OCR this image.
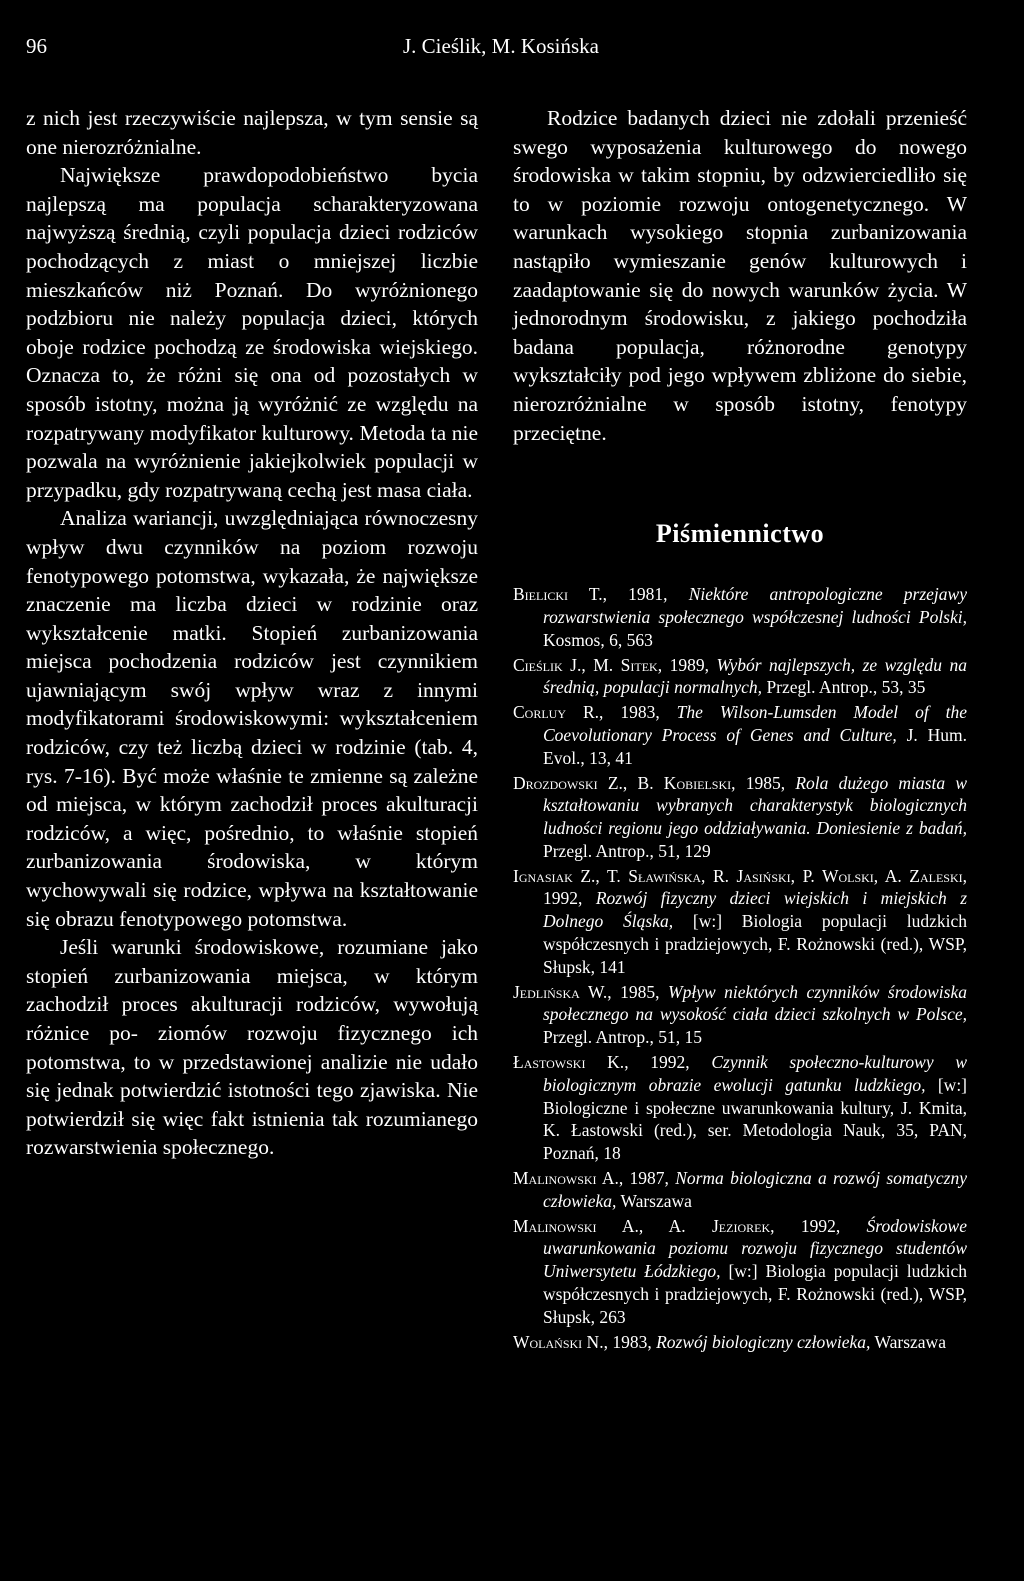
96	J. Cieślik, M. Kosińska

z nich jest rzeczywiście najlepsza, w tym sensie są one nierozróżnialne.

Największe prawdopodobieństwo bycia najlepszą ma populacja scharakteryzowana najwyższą średnią, czyli populacja dzieci rodziców pochodzących z miast o mniejszej liczbie mieszkańców niż Poznań. Do wyróżnionego podzbioru nie należy populacja dzieci, których oboje rodzice pochodzą ze środowiska wiejskiego. Oznacza to, że różni się ona od pozostałych w sposób istotny, można ją wyróżnić ze względu na rozpatrywany modyfikator kulturowy. Metoda ta nie pozwala na wyróżnienie jakiejkolwiek populacji w przypadku, gdy rozpatrywaną cechą jest masa ciała.

Analiza wariancji, uwzględniająca równoczesny wpływ dwu czynników na poziom rozwoju fenotypowego potomstwa, wykazała, że największe znaczenie ma liczba dzieci w rodzinie oraz wykształcenie matki. Stopień zurbanizowania miejsca pochodzenia rodziców jest czynnikiem ujawniającym swój wpływ wraz z innymi modyfikatorami środowiskowymi: wykształceniem rodziców, czy też liczbą dzieci w rodzinie (tab. 4, rys. 7-16). Być może właśnie te zmienne są zależne od miejsca, w którym zachodził proces akulturacji rodziców, a więc, pośrednio, to właśnie stopień zurbanizowania środowiska, w którym wychowywali się rodzice, wpływa na kształtowanie się obrazu fenotypowego potomstwa.

Jeśli warunki środowiskowe, rozumiane jako stopień zurbanizowania miejsca, w którym zachodził proces akulturacji rodziców, wywołują różnice po- ziomów rozwoju fizycznego ich potomstwa, to w przedstawionej analizie nie udało się jednak potwierdzić istotności tego zjawiska. Nie potwierdził się więc fakt istnienia tak rozumianego rozwarstwienia społecznego.

Rodzice badanych dzieci nie zdołali przenieść swego wyposażenia kulturowego do nowego środowiska w takim stopniu, by odzwierciedliło się to w poziomie rozwoju ontogenetycznego. W warunkach wysokiego stopnia zurbanizowania nastąpiło wymieszanie genów kulturowych i zaadaptowanie się do nowych warunków życia. W jednorodnym środowisku, z jakiego pochodziła badana populacja, różnorodne genotypy wykształciły pod jego wpływem zbliżone do siebie, nierozróżnialne w sposób istotny, fenotypy przeciętne.

Piśmiennictwo

Bielicki T., 1981, Niektóre antropologiczne przejawy rozwarstwienia społecznego współczesnej ludności Polski, Kosmos, 6, 563

Cieślik J., M. Sitek, 1989, Wybór najlepszych, ze względu na średnią, populacji normalnych, Przegl. Antrop., 53, 35

Corluy R., 1983, The Wilson-Lumsden Model of the Coevolutionary Process of Genes and Culture, J. Hum. Evol., 13, 41

Drozdowski Z., B. Kobielski, 1985, Rola dużego miasta w kształtowaniu wybranych charakterystyk biologicznych ludności regionu jego oddziaływania. Doniesienie z badań, Przegl. Antrop., 51, 129

Ignasiak Z., T. Sławińska, R. Jasiński, P. Wolski, A. Zaleski, 1992, Rozwój fizyczny dzieci wiejskich i miejskich z Dolnego Śląska, [w:] Biologia populacji ludzkich współczesnych i pradziejowych, F. Rożnowski (red.), WSP, Słupsk, 141

Jedlińska W., 1985, Wpływ niektórych czynników środowiska społecznego na wysokość ciała dzieci szkolnych w Polsce, Przegl. Antrop., 51, 15

Łastowski K., 1992, Czynnik społeczno-kulturowy w biologicznym obrazie ewolucji gatunku ludzkiego, [w:] Biologiczne i społeczne uwarunkowania kultury, J. Kmita, K. Łastowski (red.), ser. Metodologia Nauk, 35, PAN, Poznań, 18

Malinowski A., 1987, Norma biologiczna a rozwój somatyczny człowieka, Warszawa

Malinowski A., A. Jeziorek, 1992, Środowiskowe uwarunkowania poziomu rozwoju fizycznego studentów Uniwersytetu Łódzkiego, [w:] Biologia populacji ludzkich współczesnych i pradziejowych, F. Rożnowski (red.), WSP, Słupsk, 263

Wolański N., 1983, Rozwój biologiczny człowieka, Warszawa
